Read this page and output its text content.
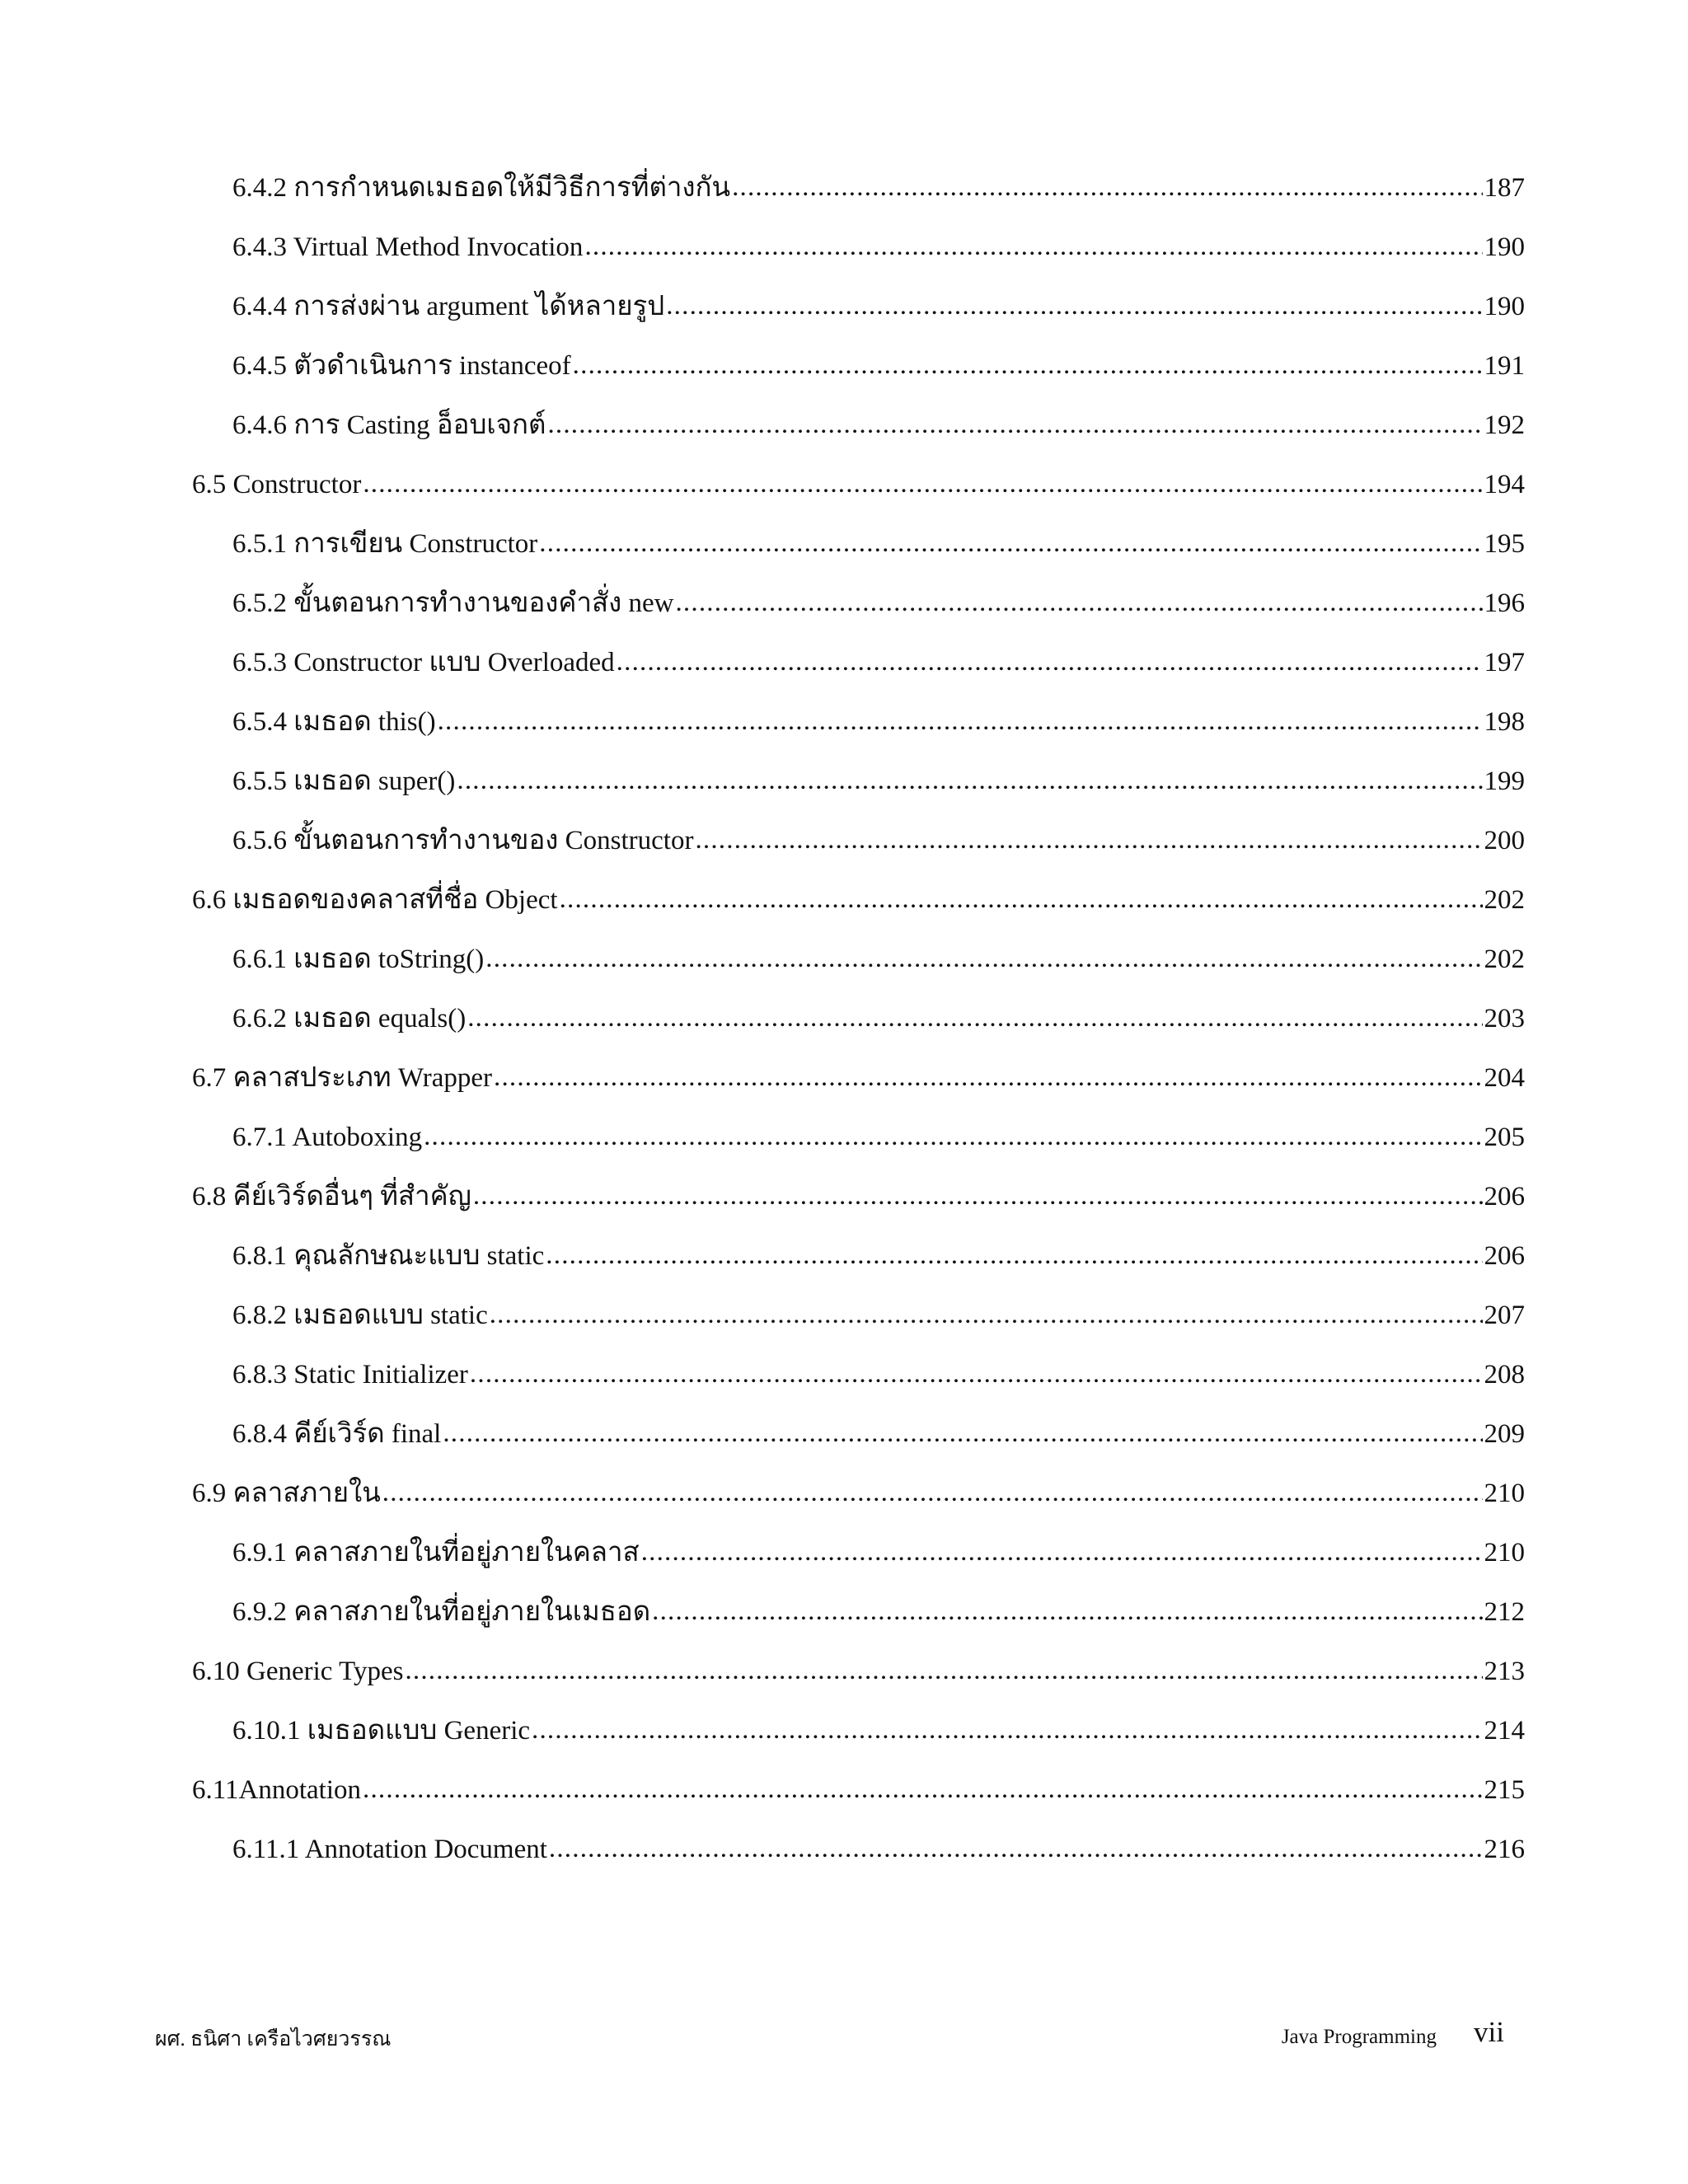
6.4.2 การกำหนดเมธอดให้มีวิธีการที่ต่างกัน .....	187
6.4.3 Virtual Method Invocation .....	190
6.4.4 การส่งผ่าน argument ได้หลายรูป .....	190
6.4.5 ตัวดำเนินการ instanceof .....	191
6.4.6 การ Casting อ็อบเจกต์ .....	192
6.5 Constructor .....	194
6.5.1 การเขียน Constructor .....	195
6.5.2 ขั้นตอนการทำงานของคำสั่ง new .....	196
6.5.3 Constructor แบบ Overloaded .....	197
6.5.4 เมธอด this() .....	198
6.5.5 เมธอด super() .....	199
6.5.6 ขั้นตอนการทำงานของ Constructor .....	200
6.6 เมธอดของคลาสที่ชื่อ Object .....	202
6.6.1 เมธอด toString() .....	202
6.6.2 เมธอด equals() .....	203
6.7 คลาสประเภท Wrapper .....	204
6.7.1 Autoboxing .....	205
6.8 คีย์เวิร์ดอื่นๆ ที่สำคัญ .....	206
6.8.1 คุณลักษณะแบบ static .....	206
6.8.2 เมธอดแบบ static .....	207
6.8.3 Static Initializer .....	208
6.8.4 คีย์เวิร์ด final .....	209
6.9 คลาสภายใน .....	210
6.9.1 คลาสภายในที่อยู่ภายในคลาส .....	210
6.9.2 คลาสภายในที่อยู่ภายในเมธอด .....	212
6.10 Generic Types .....	213
6.10.1 เมธอดแบบ Generic .....	214
6.11Annotation .....	215
6.11.1 Annotation Document .....	216
ผศ. ธนิศา เครือไวศยวรรณ	Java Programming vii
